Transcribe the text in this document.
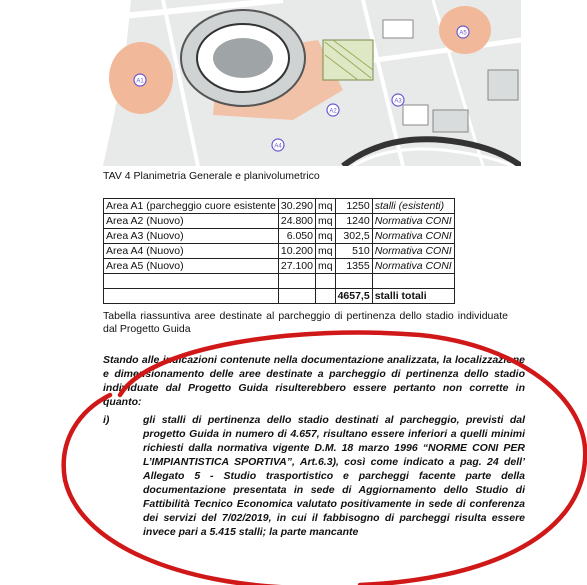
A1
A2
A3
A4
A5
TAV 4 Planimetria Generale e planivolumetrico
Area A1 (parcheggio cuore esistente	30.290	mq	1250	stalli (esistenti)
Area A2 (Nuovo)	24.800	mq	1240	Normativa CONI
Area A3 (Nuovo)	6.050	mq	302,5	Normativa CONI
Area A4 (Nuovo)	10.200	mq	510	Normativa CONI
Area A5 (Nuovo)	27.100	mq	1355	Normativa CONI

			4657,5	stalli totali
Tabella riassuntiva aree destinate al parcheggio di pertinenza dello stadio individuate dal Progetto Guida
Stando alle indicazioni contenute nella documentazione analizzata, la localizzazione e dimensionamento delle aree destinate a parcheggio di pertinenza dello stadio individuate dal Progetto Guida risulterebbero essere pertanto non corrette in quanto:
i)	gli stalli di pertinenza dello stadio destinati al parcheggio, previsti dal progetto Guida in numero di 4.657, risultano essere inferiori a quelli minimi richiesti dalla normativa vigente D.M. 18 marzo 1996 “NORME CONI PER L’IMPIANTISTICA SPORTIVA”, Art.6.3), così come indicato a pag. 24 dell’ Allegato 5 - Studio trasportistico e parcheggi facente parte della documentazione presentata in sede di Aggiornamento dello Studio di Fattibilità Tecnico Economica valutato positivamente in sede di conferenza dei servizi del 7/02/2019, in cui il fabbisogno di parcheggi risulta essere invece pari a 5.415 stalli; la parte mancante
